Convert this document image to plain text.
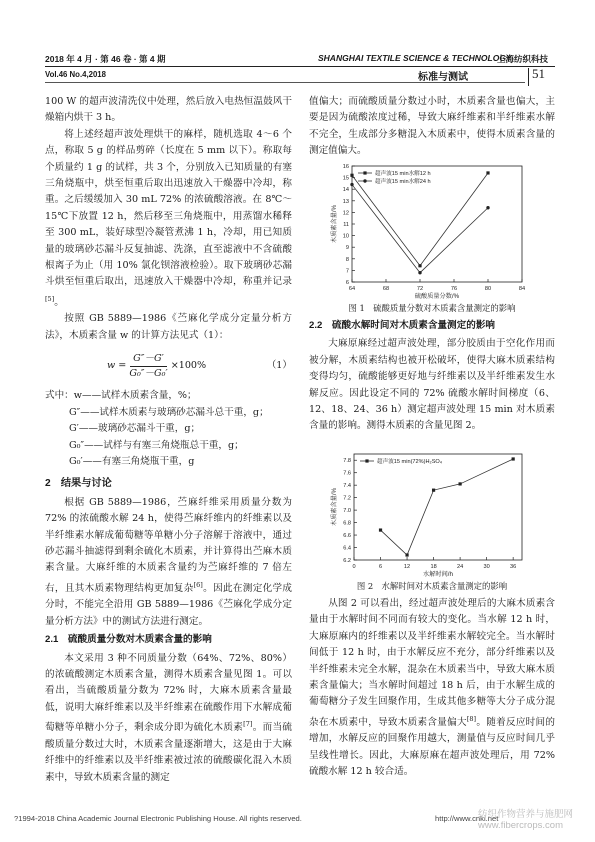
2018 年 4 月 · 第 46 卷 · 第 4 期	SHANGHAI TEXTILE SCIENCE & TECHNOLOGY
上海纺织科技
Vol.46 No.4,2018	标准与测试	51

100 W 的超声波清洗仪中处理，然后放入电热恒温鼓风干燥箱内烘干 3 h。

将上述经超声波处理烘干的麻样，随机选取 4～6 个点，称取 5 g 的样品剪碎（长度在 5 mm 以下）。称取每个质量约 1 g 的试样，共 3 个，分别放入已知质量的有塞三角烧瓶中，烘至恒重后取出迅速放入干燥器中冷却，称重。之后缓缓加入 30 mL 72% 的浓硫酸溶液。在 8℃～15℃下放置 12 h，然后移至三角烧瓶中，用蒸馏水稀释至 300 mL，装好球型冷凝管煮沸 1 h，冷却，用已知质量的玻璃砂芯漏斗反复抽滤、洗涤，直至滤液中不含硫酸根离子为止（用 10% 氯化钡溶液检验）。取下玻璃砂芯漏斗烘至恒重后取出，迅速放入干燥器中冷却，称重并记录[5]。

按照 GB 5889—1986《苎麻化学成分定量分析方法》，木质素含量 w 的计算方法见式（1）：

$w = \frac{G''-G'}{\text{G₀″－G₀′}} \times 100\%$	（1）

式中：w——试样木质素含量，%；

G″——试样木质素与玻璃砂芯漏斗总干重，g；

G′——玻璃砂芯漏斗干重，g；

G₀″——试样与有塞三角烧瓶总干重，g；

G₀′——有塞三角烧瓶干重，g

2　结果与讨论

根据 GB 5889—1986，苎麻纤维采用质量分数为 72% 的浓硫酸水解 24 h，使得苎麻纤维内的纤维素以及半纤维素水解成葡萄糖等单糖小分子溶解于溶液中，通过砂芯漏斗抽滤得到剩余硫化木质素，并计算得出苎麻木质素含量。大麻纤维的木质素含量约为苎麻纤维的 7 倍左右，且其木质素物理结构更加复杂[6]。因此在测定化学成分时，不能完全沿用 GB 5889—1986《苎麻化学成分定量分析方法》中的测试方法进行测定。

2.1　硫酸质量分数对木质素含量的影响

本文采用 3 种不同质量分数（64%、72%、80%）的浓硫酸测定木质素含量，测得木质素含量见图 1。可以看出，当硫酸质量分数为 72% 时，大麻木质素含量最低，说明大麻纤维素以及半纤维素在硫酸作用下水解成葡萄糖等单糖小分子，剩余成分即为硫化木质素[7]。而当硫酸质量分数过大时，木质素含量逐渐增大，这是由于大麻纤维中的纤维素以及半纤维素被过浓的硫酸碳化混入木质素中，导致木质素含量的测定

值偏大；而硫酸质量分数过小时，木质素含量也偏大，主要是因为硫酸浓度过稀，导致大麻纤维素和半纤维素水解不完全，生成部分多糖混入木质素中，使得木质素含量的测定值偏大。

64	68	72	76	80	84
6
7
8
9
10
11
12
13
14
15
16
硫酸质量分数/%
木质素含量/%
超声波15 min水解12 h
超声波15 min水解24 h
图 1　硫酸质量分数对木质素含量测定的影响

2.2　硫酸水解时间对木质素含量测定的影响

大麻原麻经过超声波处理，部分胶质由于空化作用而被分解，木质素结构也被开松破坏，使得大麻木质素结构变得均匀，硫酸能够更好地与纤维素以及半纤维素发生水解反应。因此设定不同的 72% 硫酸水解时间梯度（6、12、18、24、36 h）测定超声波处理 15 min 对木质素含量的影响。测得木质素的含量见图 2。

0	6	12	18	24	30	36
6.2
6.4
6.6
6.8
7.0
7.2
7.4
7.6
7.8
水解时间/h
木质素含量/%
超声波15 min(72%)H₂SO₄
图 2　水解时间对木质素含量测定的影响

从图 2 可以看出，经过超声波处理后的大麻木质素含量由于水解时间不同而有较大的变化。当水解 12 h 时，大麻原麻内的纤维素以及半纤维素水解较完全。当水解时间低于 12 h 时，由于水解反应不充分，部分纤维素以及半纤维素未完全水解，混杂在木质素当中，导致大麻木质素含量偏大；当水解时间超过 18 h 后，由于水解生成的葡萄糖分子发生回聚作用，生成其他多糖等大分子成分混杂在木质素中，导致木质素含量偏大[8]。随着反应时间的增加，水解反应的回聚作用越大，测量值与反应时间几乎呈线性增长。因此，大麻原麻在超声波处理后，用 72% 硫酸水解 12 h 较合适。

?1994-2018 China Academic Journal Electronic Publishing House. All rights reserved.	http://www.cnki.net
纺织作物营养与施肥网
www.fibercrops.com
